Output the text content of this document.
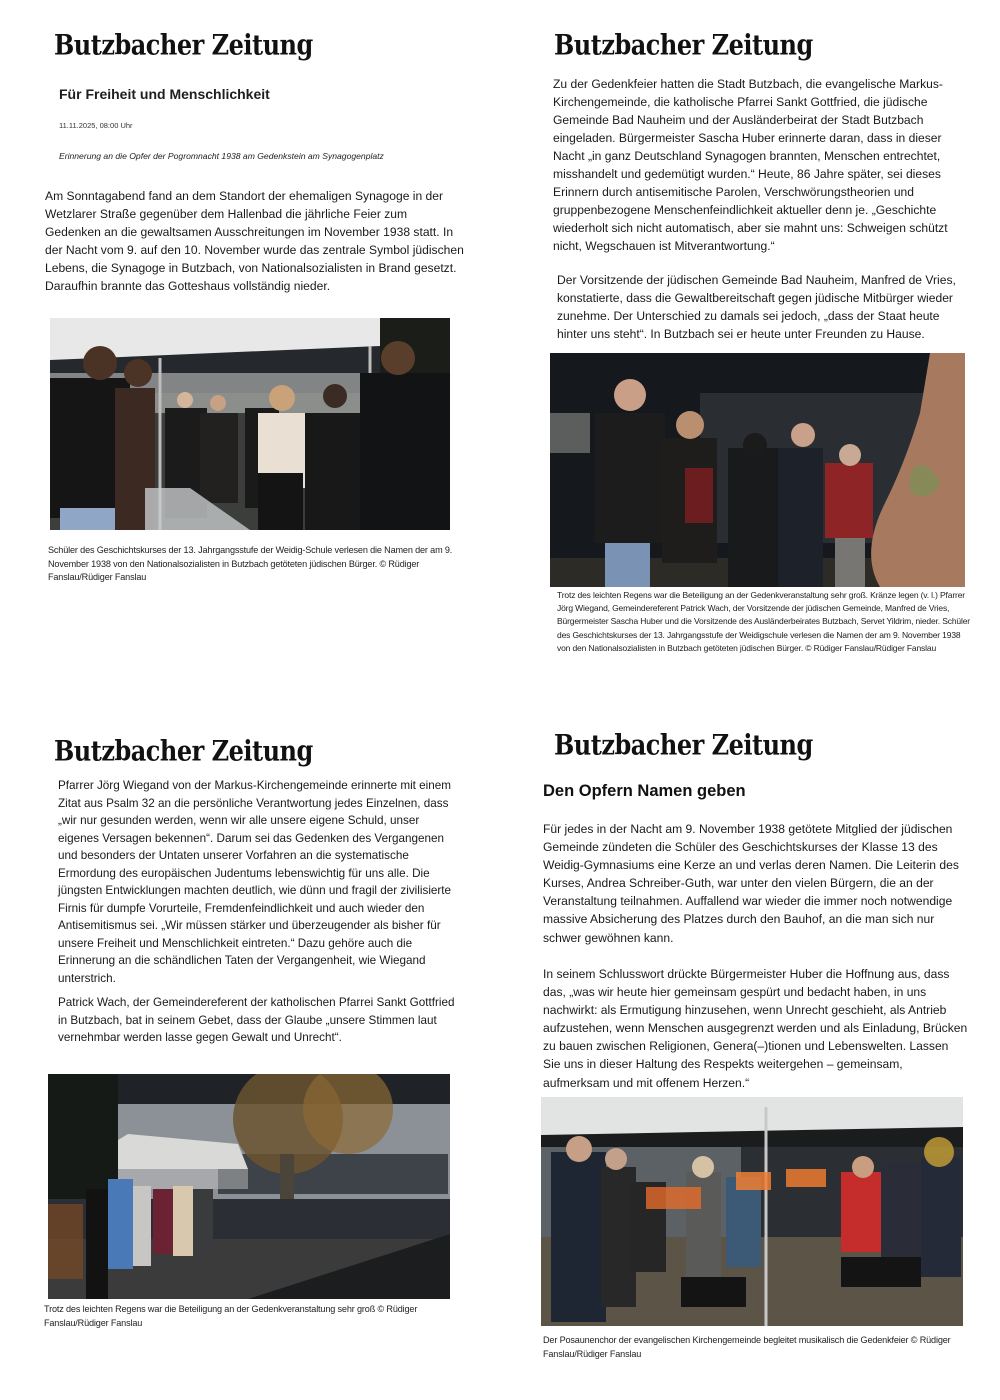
Butzbacher Zeitung
Für Freiheit und Menschlichkeit
11.11.2025, 08:00 Uhr
Erinnerung an die Opfer der Pogromnacht 1938 am Gedenkstein am Synagogenplatz

Am Sonntagabend fand an dem Standort der ehemaligen Synagoge in der Wetzlarer Straße gegenüber dem Hallenbad die jährliche Feier zum Gedenken an die gewaltsamen Ausschreitungen im November 1938 statt. In der Nacht vom 9. auf den 10. November wurde das zentrale Symbol jüdischen Lebens, die Synagoge in Butzbach, von Nationalsozialisten in Brand gesetzt. Daraufhin brannte das Gotteshaus vollständig nieder.

Schüler des Geschichtskurses der 13. Jahrgangsstufe der Weidig-Schule verlesen die Namen der am 9. November 1938 von den Nationalsozialisten in Butzbach getöteten jüdischen Bürger. © Rüdiger Fanslau/Rüdiger Fanslau

Butzbacher Zeitung

Zu der Gedenkfeier hatten die Stadt Butzbach, die evangelische Markus-Kirchengemeinde, die katholische Pfarrei Sankt Gottfried, die jüdische Gemeinde Bad Nauheim und der Ausländerbeirat der Stadt Butzbach eingeladen. Bürgermeister Sascha Huber erinnerte daran, dass in dieser Nacht „in ganz Deutschland Synagogen brannten, Menschen entrechtet, misshandelt und gedemütigt wurden.“ Heute, 86 Jahre später, sei dieses Erinnern durch antisemitische Parolen, Verschwörungstheorien und gruppenbezogene Menschenfeindlichkeit aktueller denn je. „Geschichte wiederholt sich nicht automatisch, aber sie mahnt uns: Schweigen schützt nicht, Wegschauen ist Mitverantwortung.“

Der Vorsitzende der jüdischen Gemeinde Bad Nauheim, Manfred de Vries, konstatierte, dass die Gewaltbereitschaft gegen jüdische Mitbürger wieder zunehme. Der Unterschied zu damals sei jedoch, „dass der Staat heute hinter uns steht“. In Butzbach sei er heute unter Freunden zu Hause.

Trotz des leichten Regens war die Beteiligung an der Gedenkveranstaltung sehr groß. Kränze legen (v. l.) Pfarrer Jörg Wiegand, Gemeindereferent Patrick Wach, der Vorsitzende der jüdischen Gemeinde, Manfred de Vries, Bürgermeister Sascha Huber und die Vorsitzende des Ausländerbeirates Butzbach, Servet Yildrim, nieder. Schüler des Geschichtskurses der 13. Jahrgangsstufe der Weidigschule verlesen die Namen der am 9. November 1938 von den Nationalsozialisten in Butzbach getöteten jüdischen Bürger. © Rüdiger Fanslau/Rüdiger Fanslau

Butzbacher Zeitung

Pfarrer Jörg Wiegand von der Markus-Kirchengemeinde erinnerte mit einem Zitat aus Psalm 32 an die persönliche Verantwortung jedes Einzelnen, dass „wir nur gesunden werden, wenn wir alle unsere eigene Schuld, unser eigenes Versagen bekennen“. Darum sei das Gedenken des Vergangenen und besonders der Untaten unserer Vorfahren an die systematische Ermordung des europäischen Judentums lebenswichtig für uns alle. Die jüngsten Entwicklungen machten deutlich, wie dünn und fragil der zivilisierte Firnis für dumpfe Vorurteile, Fremdenfeindlichkeit und auch wieder den Antisemitismus sei. „Wir müssen stärker und überzeugender als bisher für unsere Freiheit und Menschlichkeit eintreten.“ Dazu gehöre auch die Erinnerung an die schändlichen Taten der Vergangenheit, wie Wiegand unterstrich.

Patrick Wach, der Gemeindereferent der katholischen Pfarrei Sankt Gottfried in Butzbach, bat in seinem Gebet, dass der Glaube „unsere Stimmen laut vernehmbar werden lasse gegen Gewalt und Unrecht“.

Trotz des leichten Regens war die Beteiligung an der Gedenkveranstaltung sehr groß © Rüdiger Fanslau/Rüdiger Fanslau

Butzbacher Zeitung
Den Opfern Namen geben

Für jedes in der Nacht am 9. November 1938 getötete Mitglied der jüdischen Gemeinde zündeten die Schüler des Geschichtskurses der Klasse 13 des Weidig-Gymnasiums eine Kerze an und verlas deren Namen. Die Leiterin des Kurses, Andrea Schreiber-Guth, war unter den vielen Bürgern, die an der Veranstaltung teilnahmen. Auffallend war wieder die immer noch notwendige massive Absicherung des Platzes durch den Bauhof, an die man sich nur schwer gewöhnen kann.

In seinem Schlusswort drückte Bürgermeister Huber die Hoffnung aus, dass das, „was wir heute hier gemeinsam gespürt und bedacht haben, in uns nachwirkt: als Ermutigung hinzusehen, wenn Unrecht geschieht, als Antrieb aufzustehen, wenn Menschen ausgegrenzt werden und als Einladung, Brücken zu bauen zwischen Religionen, Genera(–)tionen und Lebenswelten. Lassen Sie uns in dieser Haltung des Respekts weitergehen – gemeinsam, aufmerksam und mit offenem Herzen.“

Der Posaunenchor der evangelischen Kirchengemeinde begleitet musikalisch die Gedenkfeier © Rüdiger Fanslau/Rüdiger Fanslau
